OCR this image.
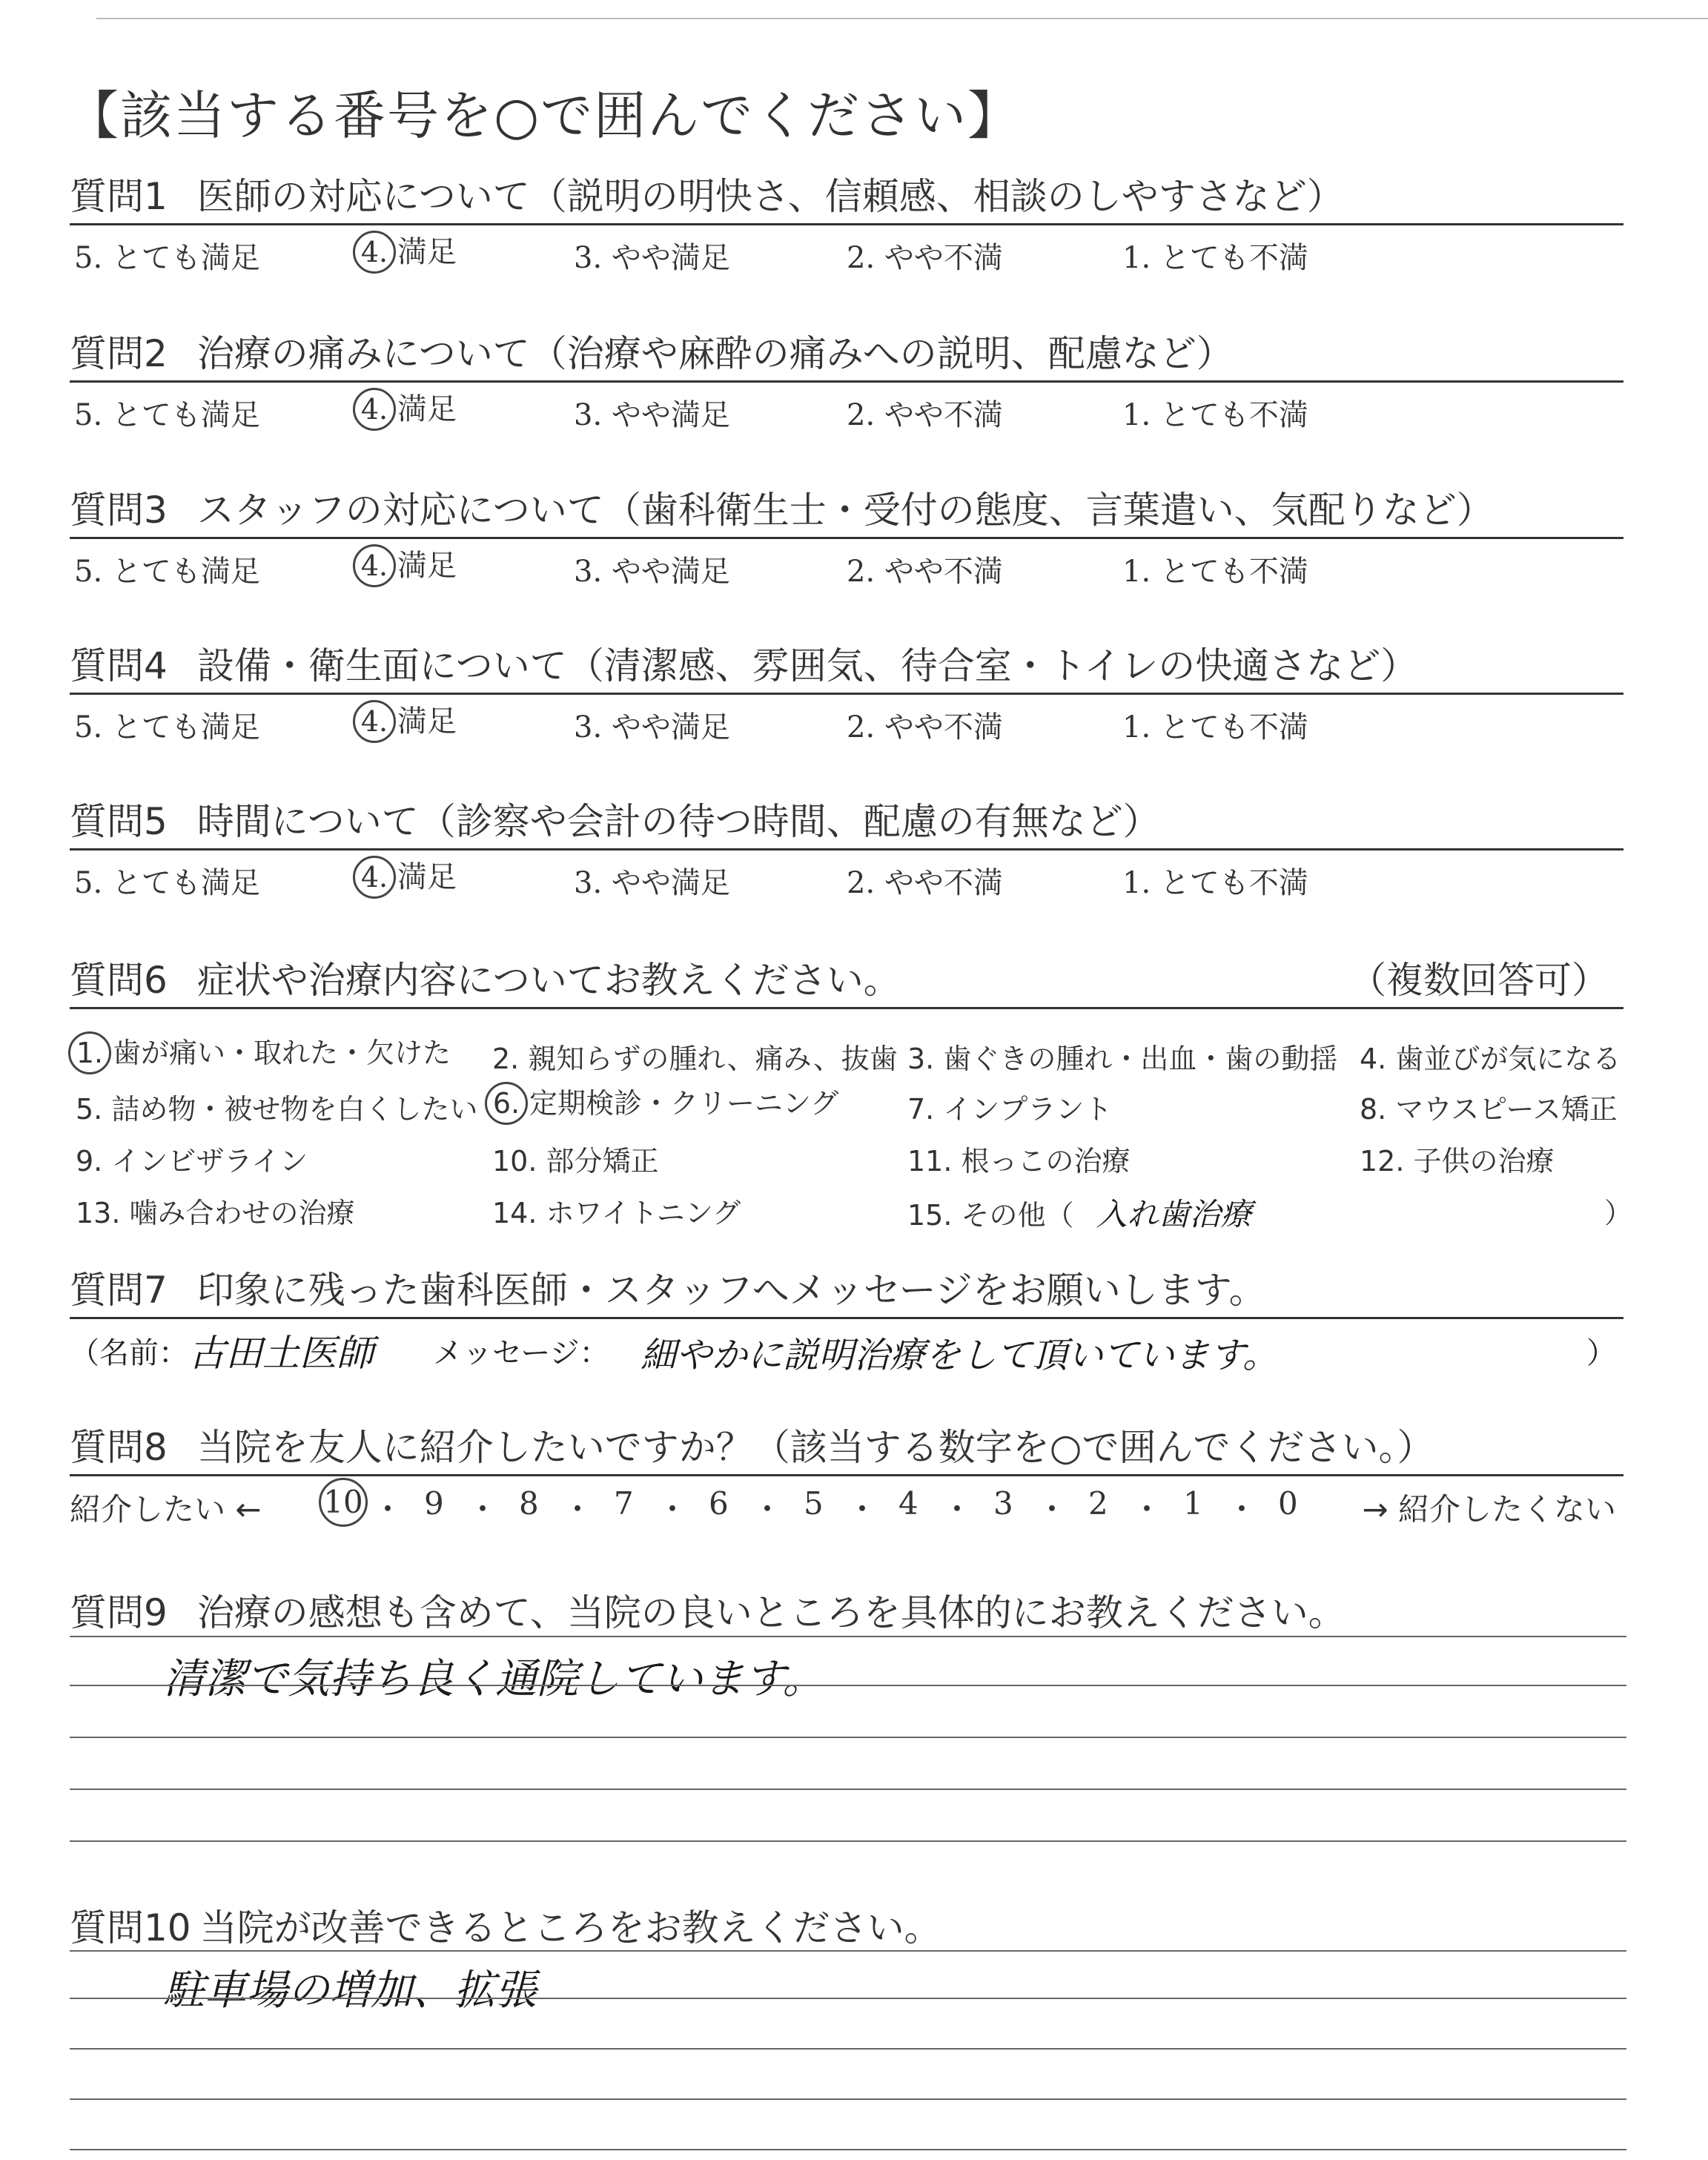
【該当する番号を○で囲んでください】
質問1 医師の対応について（説明の明快さ、信頼感、相談のしやすさなど）
5. とても満足	4. 満足	3. やや満足	2. やや不満	1. とても不満
質問2 治療の痛みについて（治療や麻酔の痛みへの説明、配慮など）
5. とても満足	4. 満足	3. やや満足	2. やや不満	1. とても不満
質問3 スタッフの対応について（歯科衛生士・受付の態度、言葉遣い、気配りなど）
5. とても満足	4. 満足	3. やや満足	2. やや不満	1. とても不満
質問4 設備・衛生面について（清潔感、雰囲気、待合室・トイレの快適さなど）
5. とても満足	4. 満足	3. やや満足	2. やや不満	1. とても不満
質問5 時間について（診察や会計の待つ時間、配慮の有無など）
5. とても満足	4. 満足	3. やや満足	2. やや不満	1. とても不満
質問6 症状や治療内容についてお教えください。	（複数回答可）
1. 歯が痛い・取れた・欠けた 2. 親知らずの腫れ、痛み、抜歯 3. 歯ぐきの腫れ・出血・歯の動揺 4. 歯並びが気になる
5. 詰め物・被せ物を白くしたい 6. 定期検診・クリーニング 7. インプラント	8. マウスピース矯正
9. インビザライン	10. 部分矯正	11. 根っこの治療	12. 子供の治療
13. 噛み合わせの治療	14. ホワイトニング	15. その他（ 入れ歯治療	）
質問7 印象に残った歯科医師・スタッフへメッセージをお願いします。
（名前： 古田土医師 メッセージ： 細やかに説明治療をして頂いています。	）
質問8 当院を友人に紹介したいですか？（該当する数字を○で囲んでください。）
紹介したい ←	→ 紹介したくない
10 ・ 9 ・ 8 ・ 7 ・ 6 ・ 5 ・ 4 ・ 3 ・ 2 ・ 1 ・ 0
質問9 治療の感想も含めて、当院の良いところを具体的にお教えください。
清潔で気持ち良く通院しています。
質問10 当院が改善できるところをお教えください。
駐車場の増加、拡張
